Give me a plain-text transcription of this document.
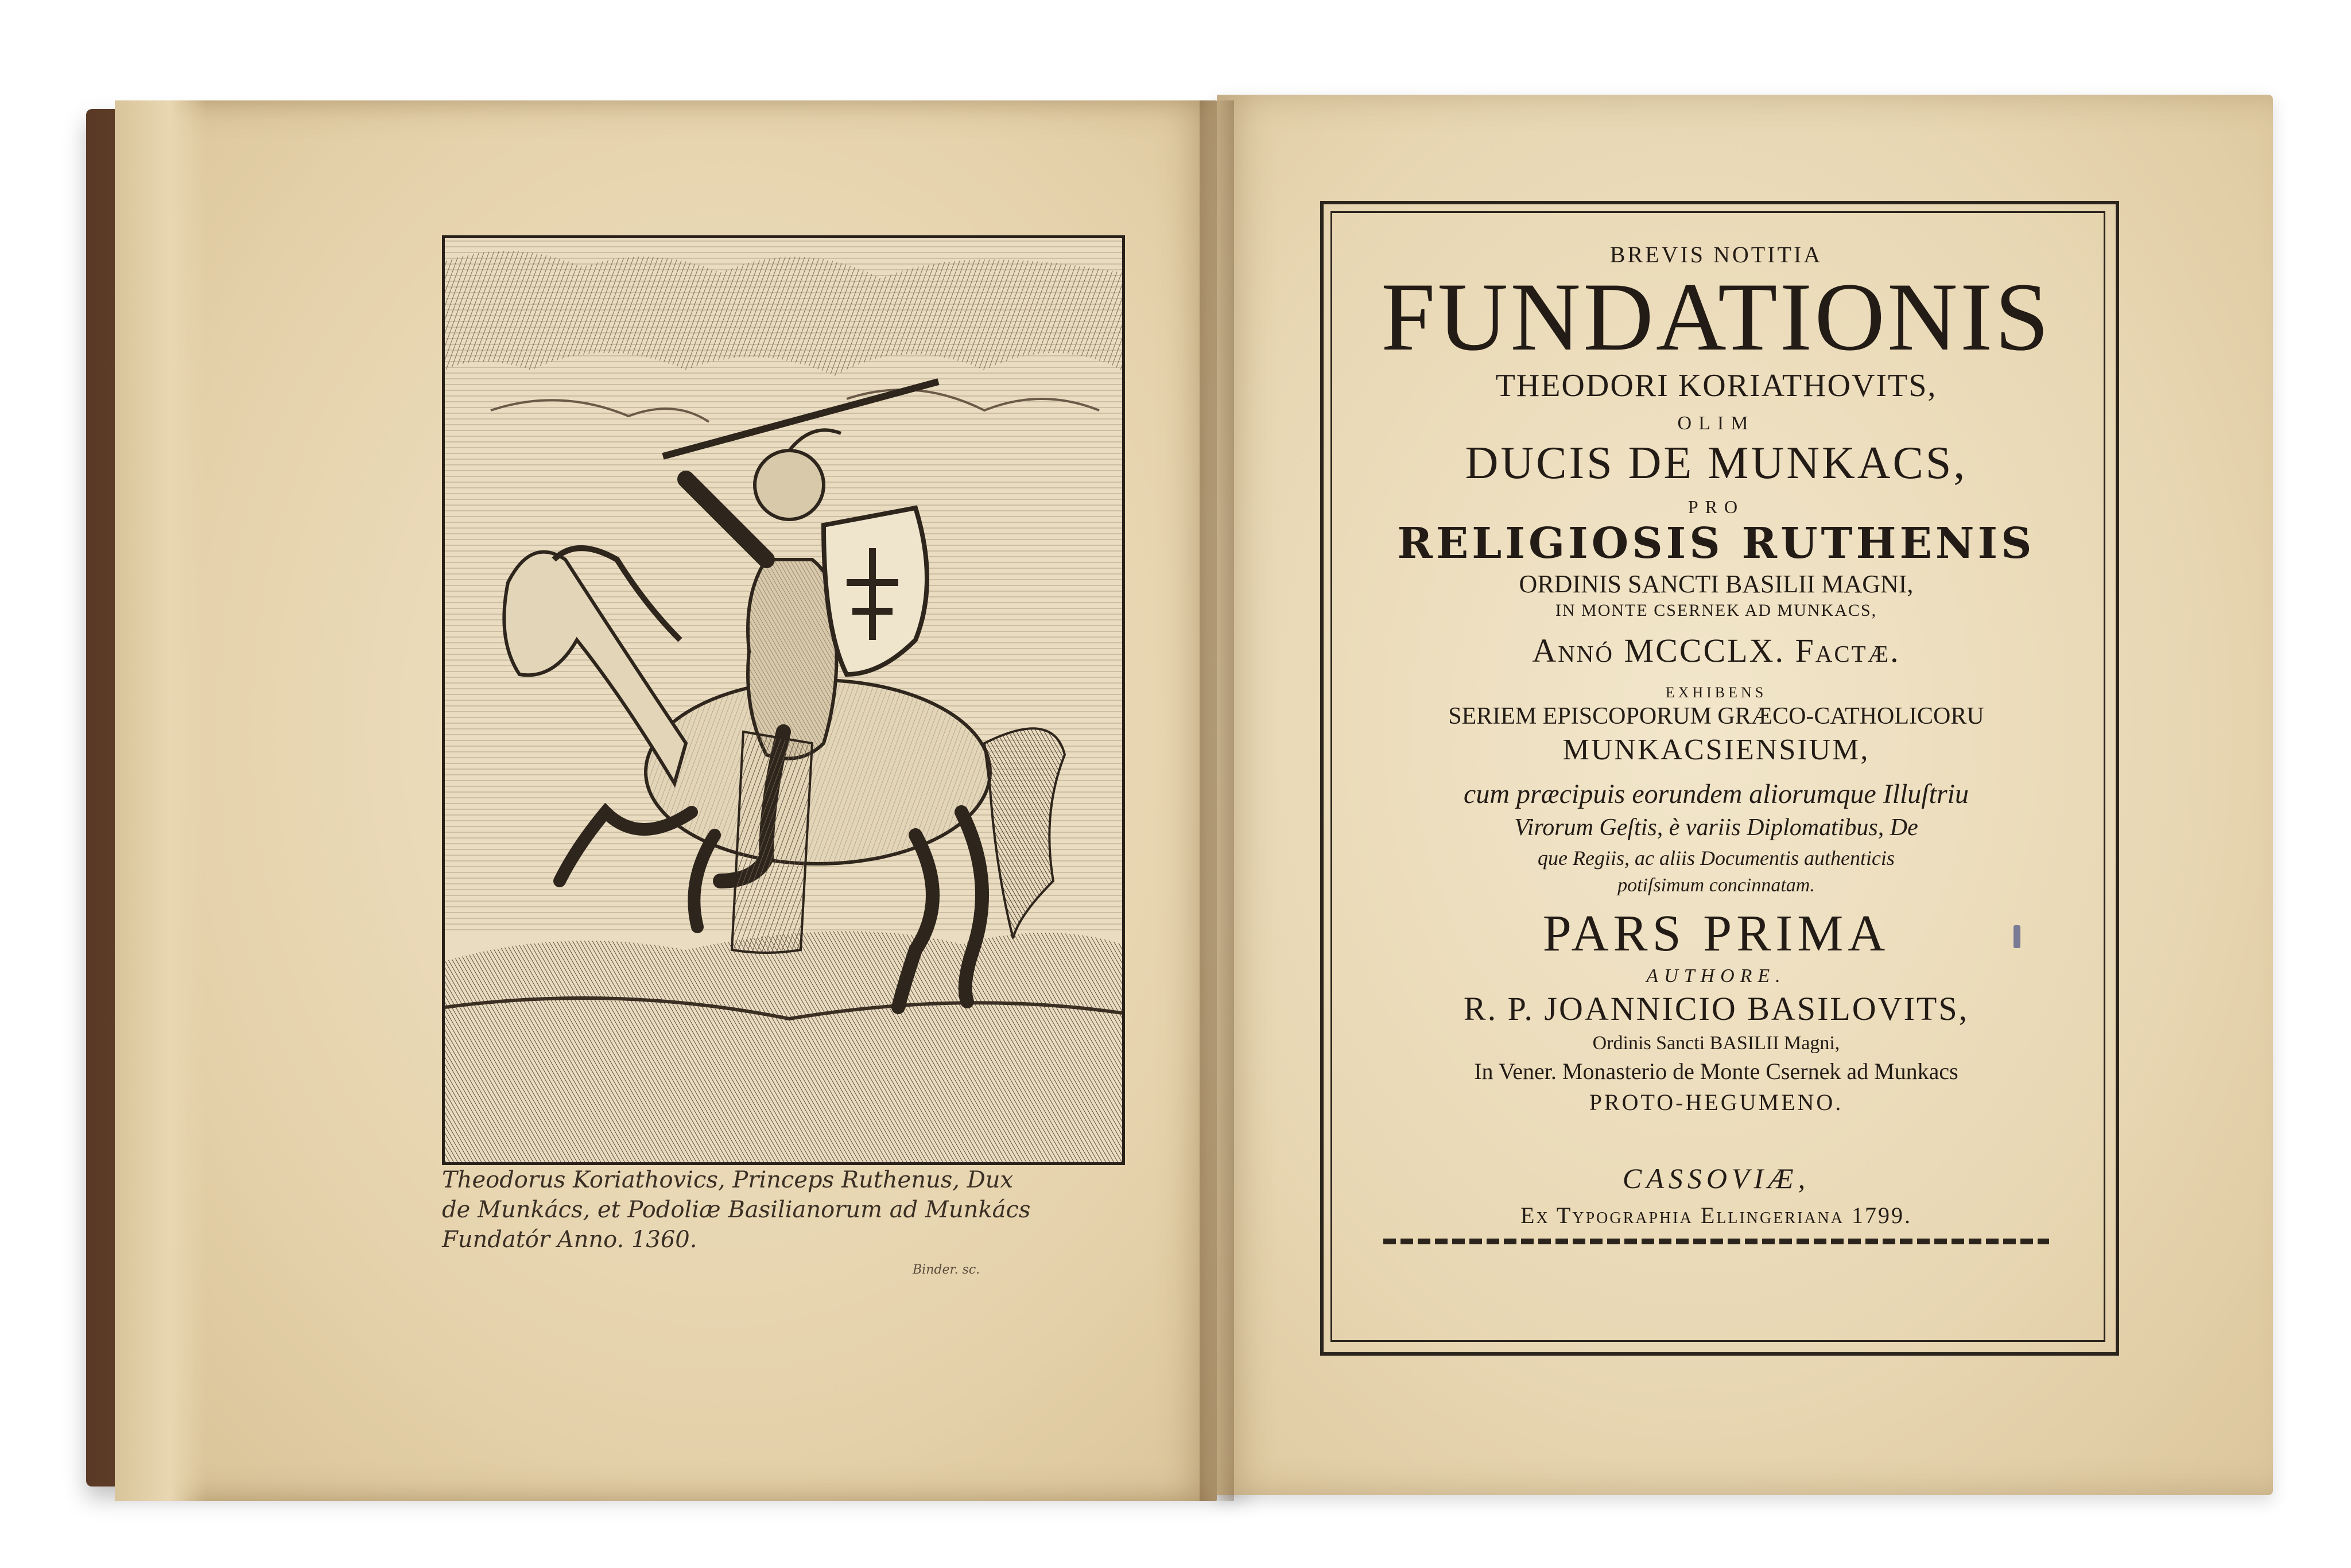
Theodorus Koriathovics, Princeps Ruthenus, Dux
de Munkács, et Podoliæ Basilianorum ad Munkács
Fundatór Anno. 1360.
Binder. sc.
BREVIS NOTITIA
FUNDATIONIS
THEODORI KORIATHOVITS,
OLIM
DUCIS DE MUNKACS,
PRO
RELIGIOSIS RUTHENIS
ORDINIS SANCTI BASILII MAGNI,
IN MONTE CSERNEK AD MUNKACS,
Annó MCCCLX. Factæ.
EXHIBENS
SERIEM EPISCOPORUM GRÆCO-CATHOLICORU
MUNKACSIENSIUM,
cum præcipuis eorundem aliorumque Illuſtriu
Virorum Geſtis, è variis Diplomatibus, De
que Regiis, ac aliis Documentis authenticis
potiſsimum concinnatam.
PARS PRIMA
AUTHORE.
R. P. JOANNICIO BASILOVITS,
Ordinis Sancti BASILII Magni,
In Vener. Monasterio de Monte Csernek ad Munkacs
PROTO-HEGUMENO.
CASSOVIÆ,
Ex Typographia Ellingeriana 1799.
